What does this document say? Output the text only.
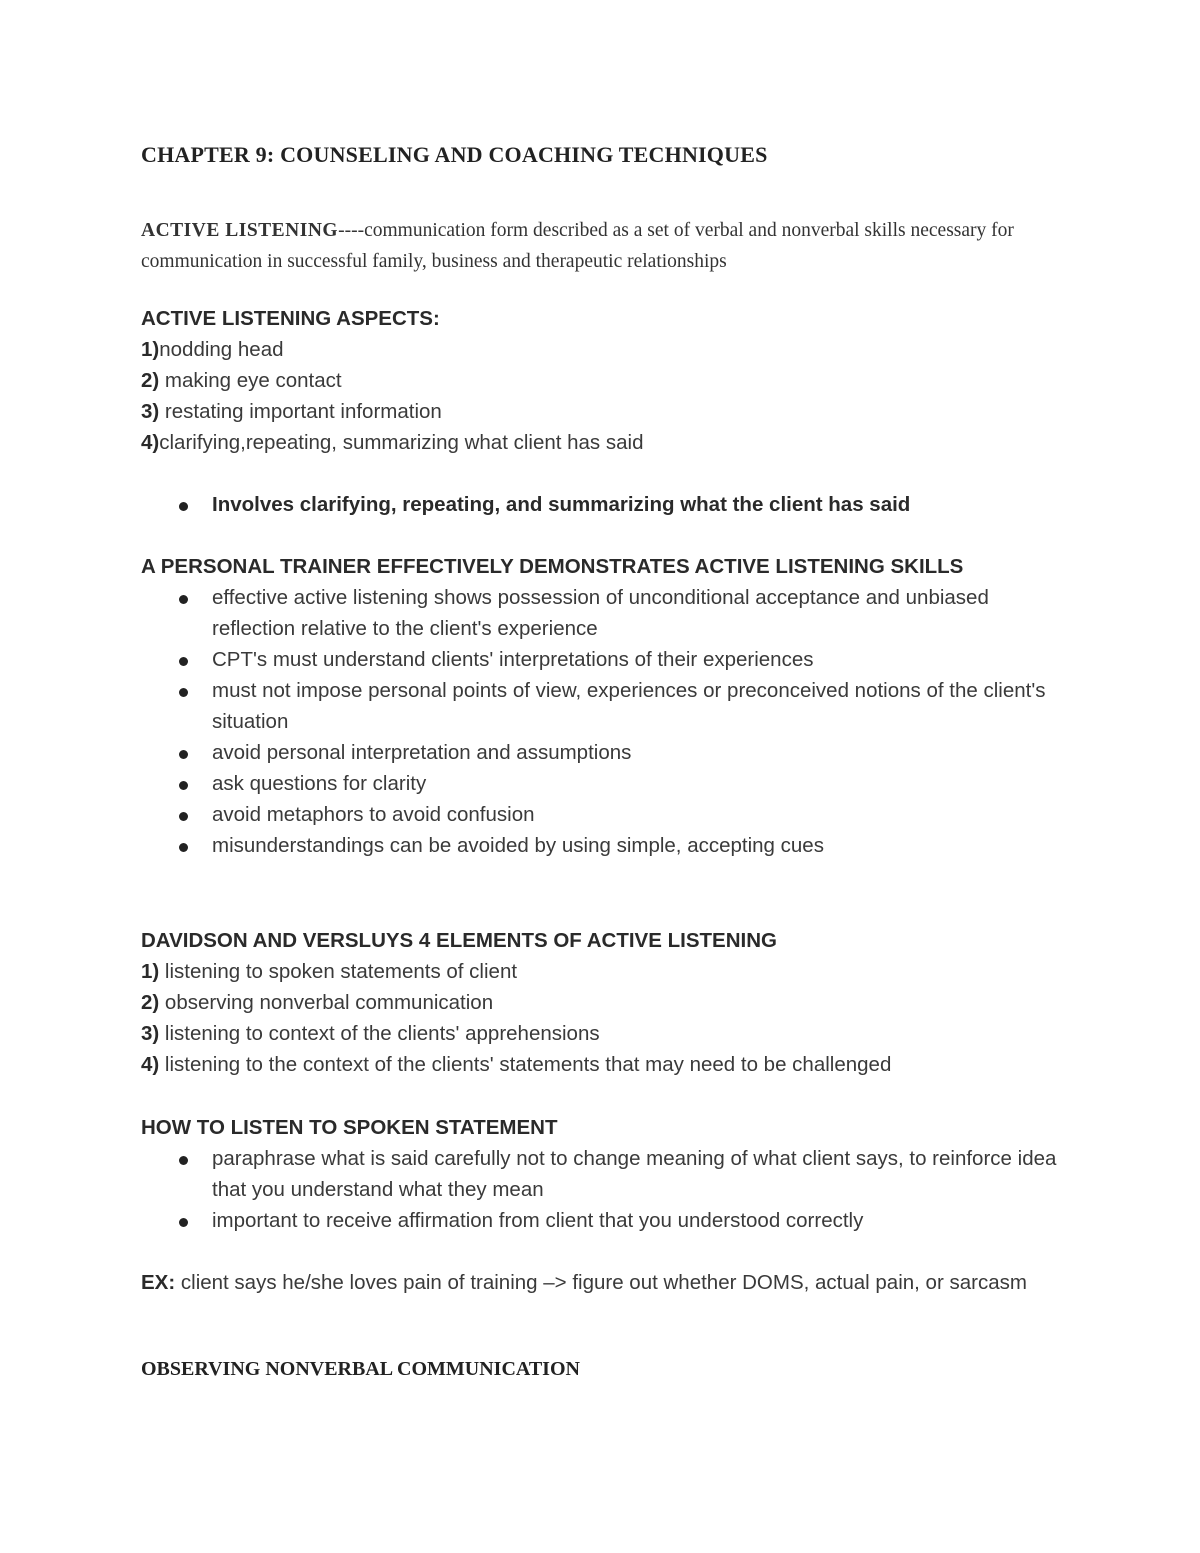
CHAPTER 9: COUNSELING AND COACHING TECHNIQUES
ACTIVE LISTENING----communication form described as a set of verbal and nonverbal skills necessary for communication in successful family, business and therapeutic relationships
ACTIVE LISTENING ASPECTS:
1)nodding head
2) making eye contact
3) restating important information
4)clarifying,repeating, summarizing what client has said
Involves clarifying, repeating, and summarizing what the client has said
A PERSONAL TRAINER EFFECTIVELY DEMONSTRATES ACTIVE LISTENING SKILLS
effective active listening shows possession of unconditional acceptance and unbiased reflection relative to the client's experience
CPT's must understand clients' interpretations of their experiences
must not impose personal points of view, experiences or preconceived notions of the client's situation
avoid personal interpretation and assumptions
ask questions for clarity
avoid metaphors to avoid confusion
misunderstandings can be avoided by using simple, accepting cues
DAVIDSON AND VERSLUYS 4 ELEMENTS OF ACTIVE LISTENING
1) listening to spoken statements of client
2) observing nonverbal communication
3) listening to context of the clients' apprehensions
4) listening to the context of the clients' statements that may need to be challenged
HOW TO LISTEN TO SPOKEN STATEMENT
paraphrase what is said carefully not to change meaning of what client says, to reinforce idea that you understand what they mean
important to receive affirmation from client that you understood correctly
EX: client says he/she loves pain of training –> figure out whether DOMS, actual pain, or sarcasm
OBSERVING NONVERBAL COMMUNICATION
